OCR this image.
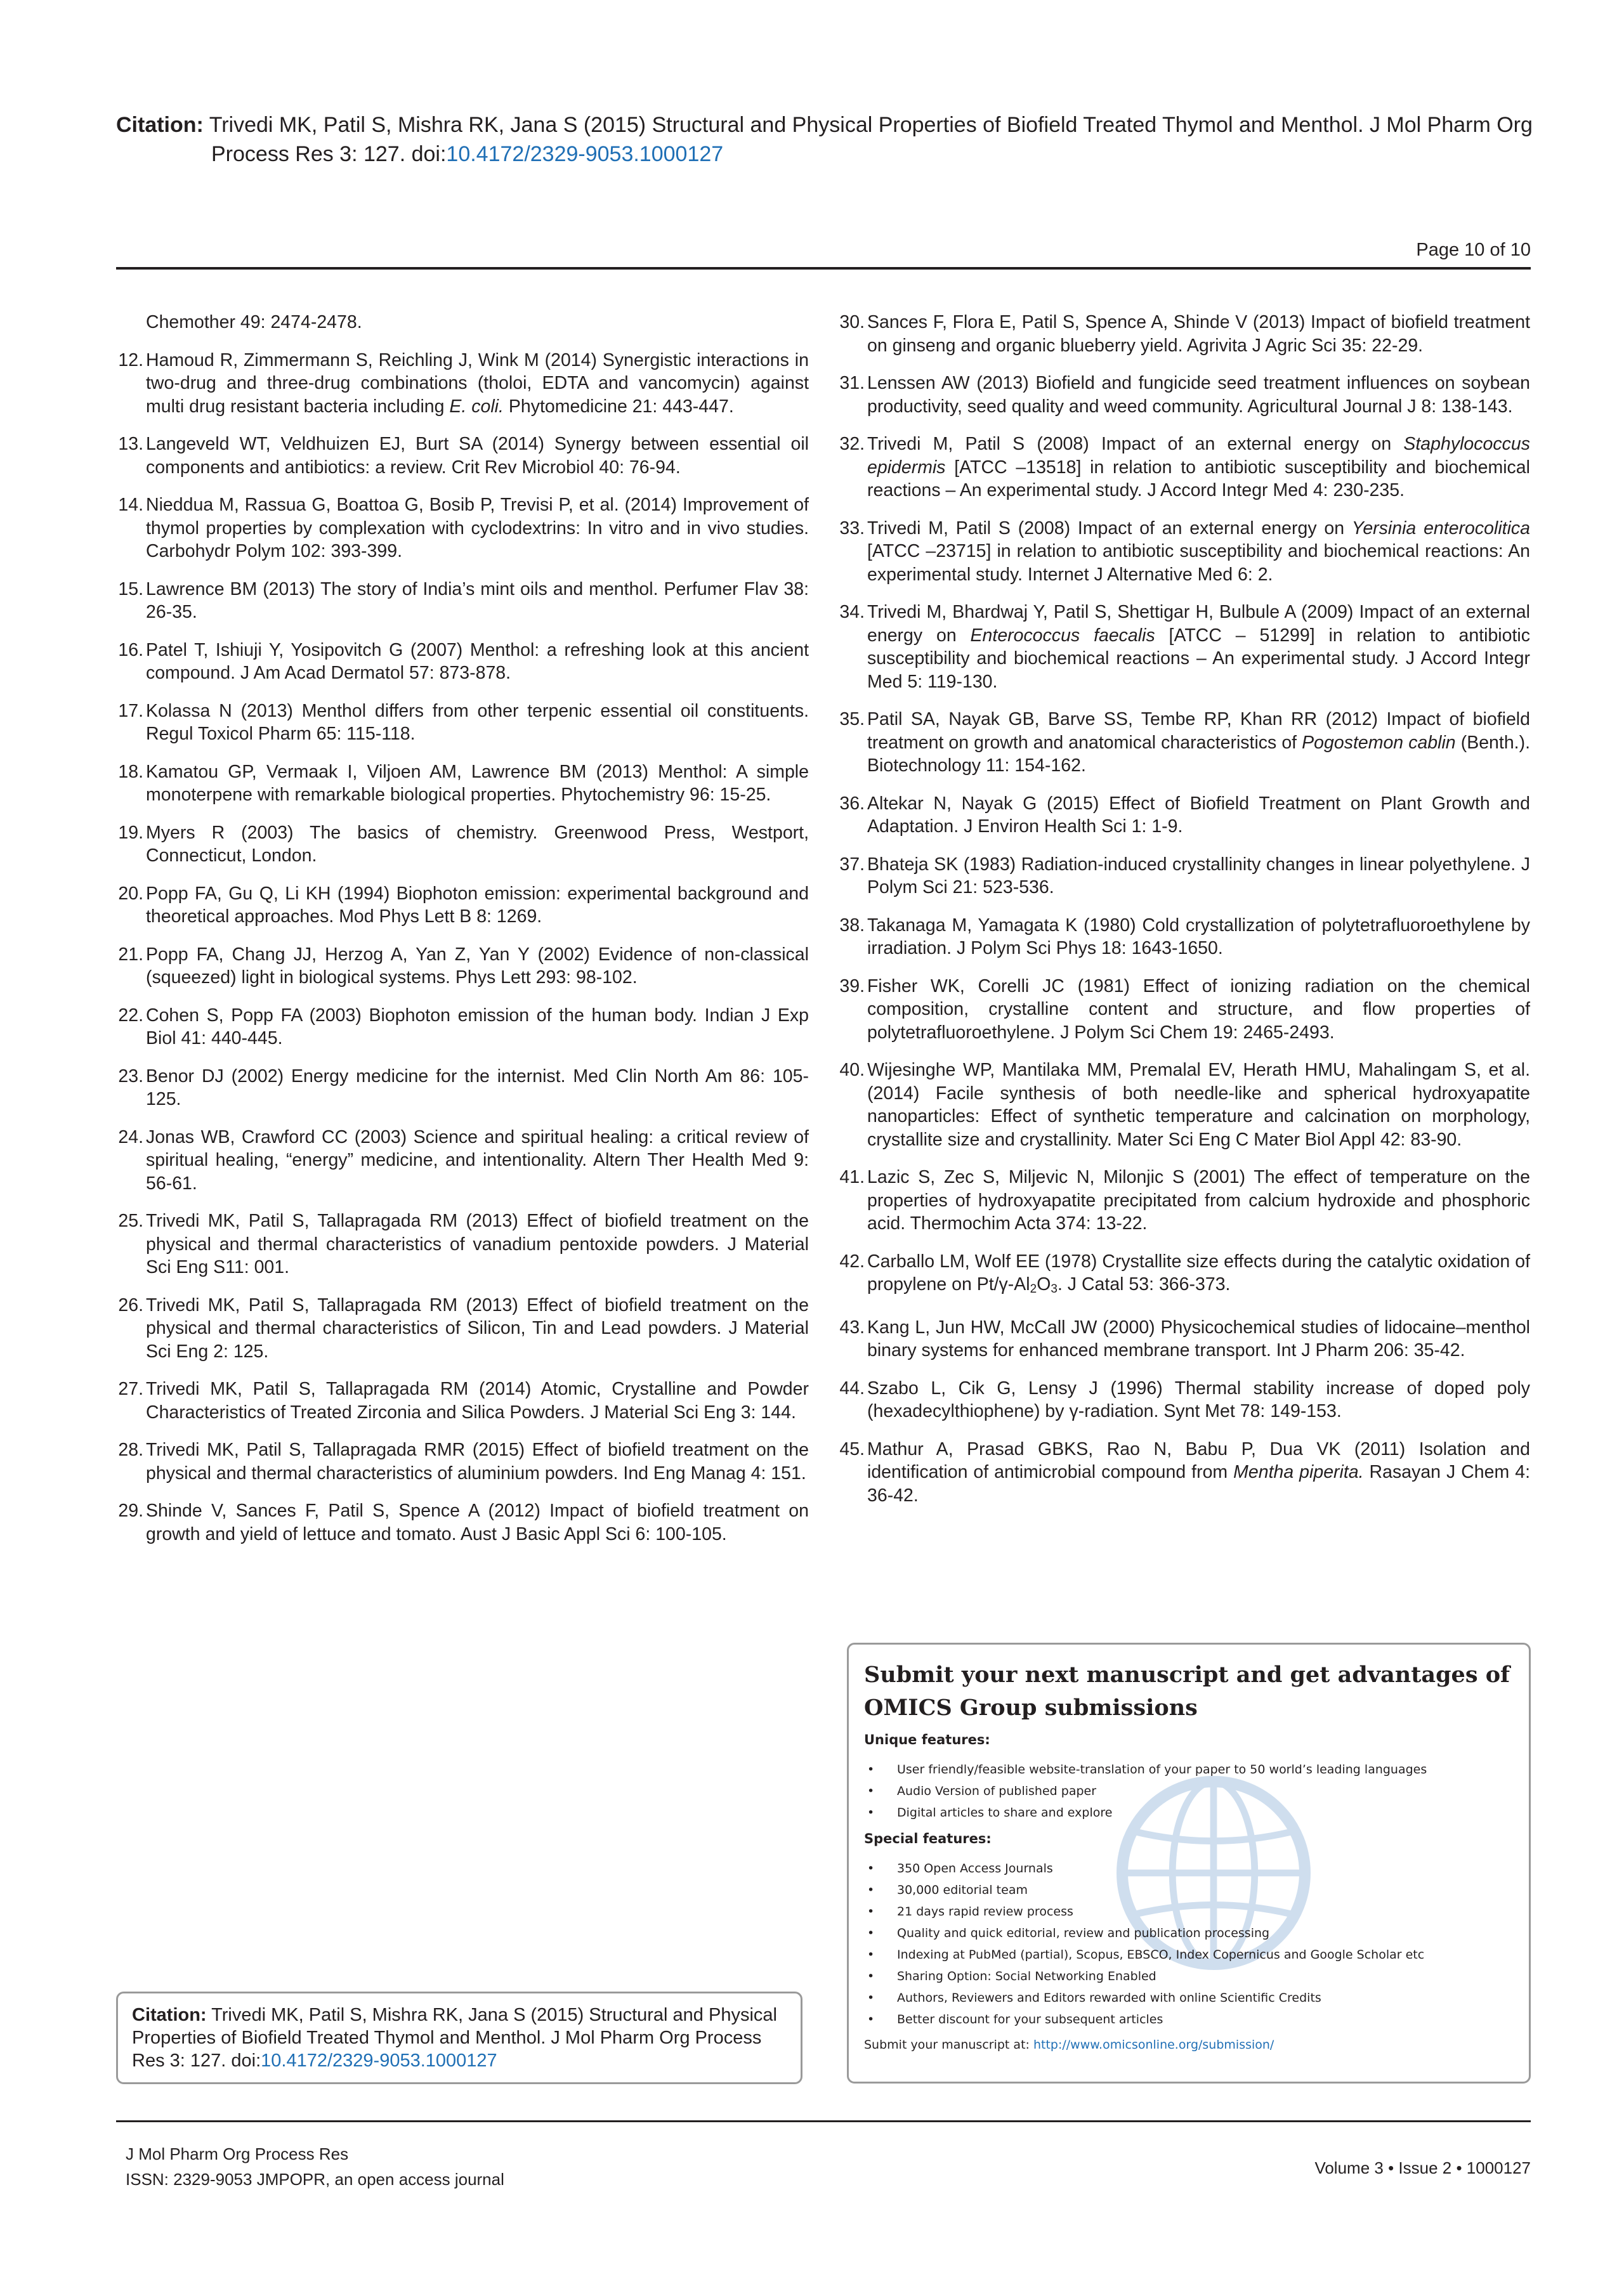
Citation: Trivedi MK, Patil S, Mishra RK, Jana S (2015) Structural and Physical Properties of Biofield Treated Thymol and Menthol. J Mol Pharm Org
Process Res 3: 127. doi:10.4172/2329-9053.1000127
Page 10 of 10
Chemother 49: 2474-2478.
12. Hamoud R, Zimmermann S, Reichling J, Wink M (2014) Synergistic interactions in two-drug and three-drug combinations (tholoi, EDTA and vancomycin) against multi drug resistant bacteria including E. coli. Phytomedicine 21: 443-447.
13. Langeveld WT, Veldhuizen EJ, Burt SA (2014) Synergy between essential oil components and antibiotics: a review. Crit Rev Microbiol 40: 76-94.
14. Nieddua M, Rassua G, Boattoa G, Bosib P, Trevisi P, et al. (2014) Improvement of thymol properties by complexation with cyclodextrins: In vitro and in vivo studies. Carbohydr Polym 102: 393-399.
15. Lawrence BM (2013) The story of India’s mint oils and menthol. Perfumer Flav 38: 26-35.
16. Patel T, Ishiuji Y, Yosipovitch G (2007) Menthol: a refreshing look at this ancient compound. J Am Acad Dermatol 57: 873-878.
17. Kolassa N (2013) Menthol differs from other terpenic essential oil constituents. Regul Toxicol Pharm 65: 115-118.
18. Kamatou GP, Vermaak I, Viljoen AM, Lawrence BM (2013) Menthol: A simple monoterpene with remarkable biological properties. Phytochemistry 96: 15-25.
19. Myers R (2003) The basics of chemistry. Greenwood Press, Westport, Connecticut, London.
20. Popp FA, Gu Q, Li KH (1994) Biophoton emission: experimental background and theoretical approaches. Mod Phys Lett B 8: 1269.
21. Popp FA, Chang JJ, Herzog A, Yan Z, Yan Y (2002) Evidence of non-classical (squeezed) light in biological systems. Phys Lett 293: 98-102.
22. Cohen S, Popp FA (2003) Biophoton emission of the human body. Indian J Exp Biol 41: 440-445.
23. Benor DJ (2002) Energy medicine for the internist. Med Clin North Am 86: 105-125.
24. Jonas WB, Crawford CC (2003) Science and spiritual healing: a critical review of spiritual healing, “energy” medicine, and intentionality. Altern Ther Health Med 9: 56-61.
25. Trivedi MK, Patil S, Tallapragada RM (2013) Effect of biofield treatment on the physical and thermal characteristics of vanadium pentoxide powders. J Material Sci Eng S11: 001.
26. Trivedi MK, Patil S, Tallapragada RM (2013) Effect of biofield treatment on the physical and thermal characteristics of Silicon, Tin and Lead powders. J Material Sci Eng 2: 125.
27. Trivedi MK, Patil S, Tallapragada RM (2014) Atomic, Crystalline and Powder Characteristics of Treated Zirconia and Silica Powders. J Material Sci Eng 3: 144.
28. Trivedi MK, Patil S, Tallapragada RMR (2015) Effect of biofield treatment on the physical and thermal characteristics of aluminium powders. Ind Eng Manag 4: 151.
29. Shinde V, Sances F, Patil S, Spence A (2012) Impact of biofield treatment on growth and yield of lettuce and tomato. Aust J Basic Appl Sci 6: 100-105.
30. Sances F, Flora E, Patil S, Spence A, Shinde V (2013) Impact of biofield treatment on ginseng and organic blueberry yield. Agrivita J Agric Sci 35: 22-29.
31. Lenssen AW (2013) Biofield and fungicide seed treatment influences on soybean productivity, seed quality and weed community. Agricultural Journal J 8: 138-143.
32. Trivedi M, Patil S (2008) Impact of an external energy on Staphylococcus epidermis [ATCC –13518] in relation to antibiotic susceptibility and biochemical reactions – An experimental study. J Accord Integr Med 4: 230-235.
33. Trivedi M, Patil S (2008) Impact of an external energy on Yersinia enterocolitica [ATCC –23715] in relation to antibiotic susceptibility and biochemical reactions: An experimental study. Internet J Alternative Med 6: 2.
34. Trivedi M, Bhardwaj Y, Patil S, Shettigar H, Bulbule A (2009) Impact of an external energy on Enterococcus faecalis [ATCC – 51299] in relation to antibiotic susceptibility and biochemical reactions – An experimental study. J Accord Integr Med 5: 119-130.
35. Patil SA, Nayak GB, Barve SS, Tembe RP, Khan RR (2012) Impact of biofield treatment on growth and anatomical characteristics of Pogostemon cablin (Benth.). Biotechnology 11: 154-162.
36. Altekar N, Nayak G (2015) Effect of Biofield Treatment on Plant Growth and Adaptation. J Environ Health Sci 1: 1-9.
37. Bhateja SK (1983) Radiation-induced crystallinity changes in linear polyethylene. J Polym Sci 21: 523-536.
38. Takanaga M, Yamagata K (1980) Cold crystallization of polytetrafluoroethylene by irradiation. J Polym Sci Phys 18: 1643-1650.
39. Fisher WK, Corelli JC (1981) Effect of ionizing radiation on the chemical composition, crystalline content and structure, and flow properties of polytetrafluoroethylene. J Polym Sci Chem 19: 2465-2493.
40. Wijesinghe WP, Mantilaka MM, Premalal EV, Herath HMU, Mahalingam S, et al. (2014) Facile synthesis of both needle-like and spherical hydroxyapatite nanoparticles: Effect of synthetic temperature and calcination on morphology, crystallite size and crystallinity. Mater Sci Eng C Mater Biol Appl 42: 83-90.
41. Lazic S, Zec S, Miljevic N, Milonjic S (2001) The effect of temperature on the properties of hydroxyapatite precipitated from calcium hydroxide and phosphoric acid. Thermochim Acta 374: 13-22.
42. Carballo LM, Wolf EE (1978) Crystallite size effects during the catalytic oxidation of propylene on $Pt/\gamma-Al_2O_3$. J Catal 53: 366-373.
43. Kang L, Jun HW, McCall JW (2000) Physicochemical studies of lidocaine–menthol binary systems for enhanced membrane transport. Int J Pharm 206: 35-42.
44. Szabo L, Cik G, Lensy J (1996) Thermal stability increase of doped poly (hexadecylthiophene) by γ-radiation. Synt Met 78: 149-153.
45. Mathur A, Prasad GBKS, Rao N, Babu P, Dua VK (2011) Isolation and identification of antimicrobial compound from Mentha piperita. Rasayan J Chem 4: 36-42.
Submit your next manuscript and get advantages of OMICS Group submissions
Unique features:
• User friendly/feasible website-translation of your paper to 50 world’s leading languages
• Audio Version of published paper
• Digital articles to share and explore
Special features:
• 350 Open Access Journals
• 30,000 editorial team
• 21 days rapid review process
• Quality and quick editorial, review and publication processing
• Indexing at PubMed (partial), Scopus, EBSCO, Index Copernicus and Google Scholar etc
• Sharing Option: Social Networking Enabled
• Authors, Reviewers and Editors rewarded with online Scientific Credits
• Better discount for your subsequent articles
Submit your manuscript at: http://www.omicsonline.org/submission/
Citation: Trivedi MK, Patil S, Mishra RK, Jana S (2015) Structural and Physical Properties of Biofield Treated Thymol and Menthol. J Mol Pharm Org Process Res 3: 127. doi:10.4172/2329-9053.1000127
J Mol Pharm Org Process Res
ISSN: 2329-9053 JMPOPR, an open access journal
Volume 3 • Issue 2 • 1000127
